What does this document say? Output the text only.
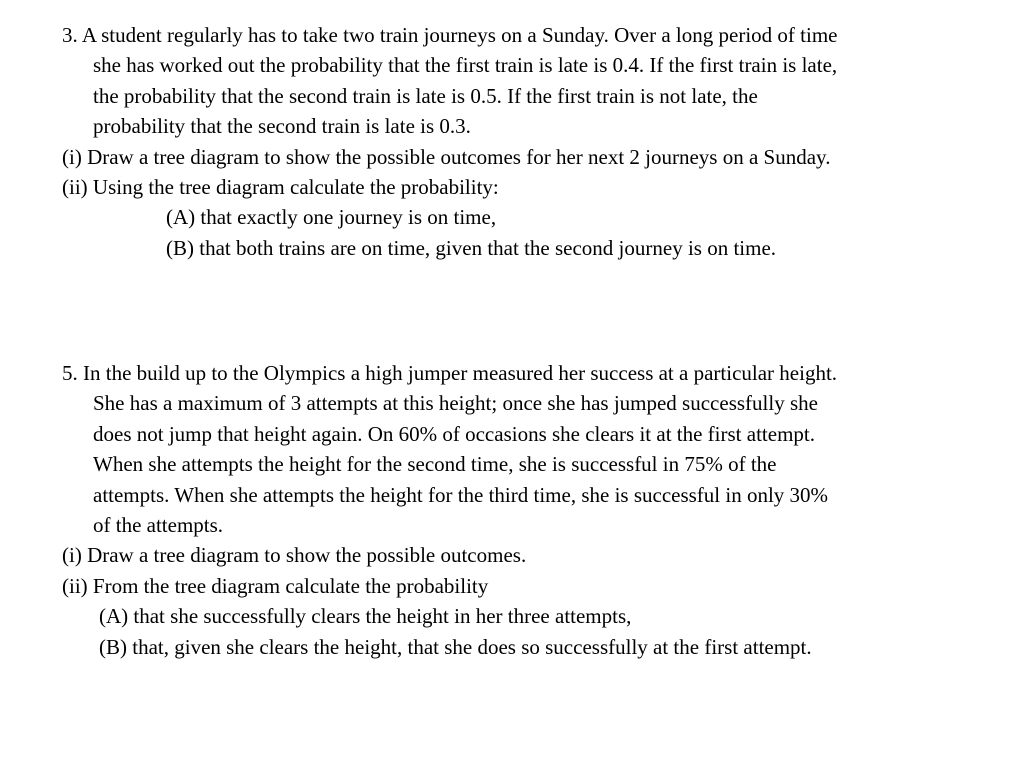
3. A student regularly has to take two train journeys on a Sunday. Over a long period of time

she has worked out the probability that the first train is late is 0.4. If the first train is late,

the probability that the second train is late is 0.5. If the first train is not late, the

probability that the second train is late is 0.3.

(i) Draw a tree diagram to show the possible outcomes for her next 2 journeys on a Sunday.

(ii) Using the tree diagram calculate the probability:

(A) that exactly one journey is on time,

(B) that both trains are on time, given that the second journey is on time.

5. In the build up to the Olympics a high jumper measured her success at a particular height.

She has a maximum of 3 attempts at this height; once she has jumped successfully she

does not jump that height again. On 60% of occasions she clears it at the first attempt.

When she attempts the height for the second time, she is successful in 75% of the

attempts. When she attempts the height for the third time, she is successful in only 30%

of the attempts.

(i) Draw a tree diagram to show the possible outcomes.

(ii) From the tree diagram calculate the probability

(A) that she successfully clears the height in her three attempts,

(B) that, given she clears the height, that she does so successfully at the first attempt.
